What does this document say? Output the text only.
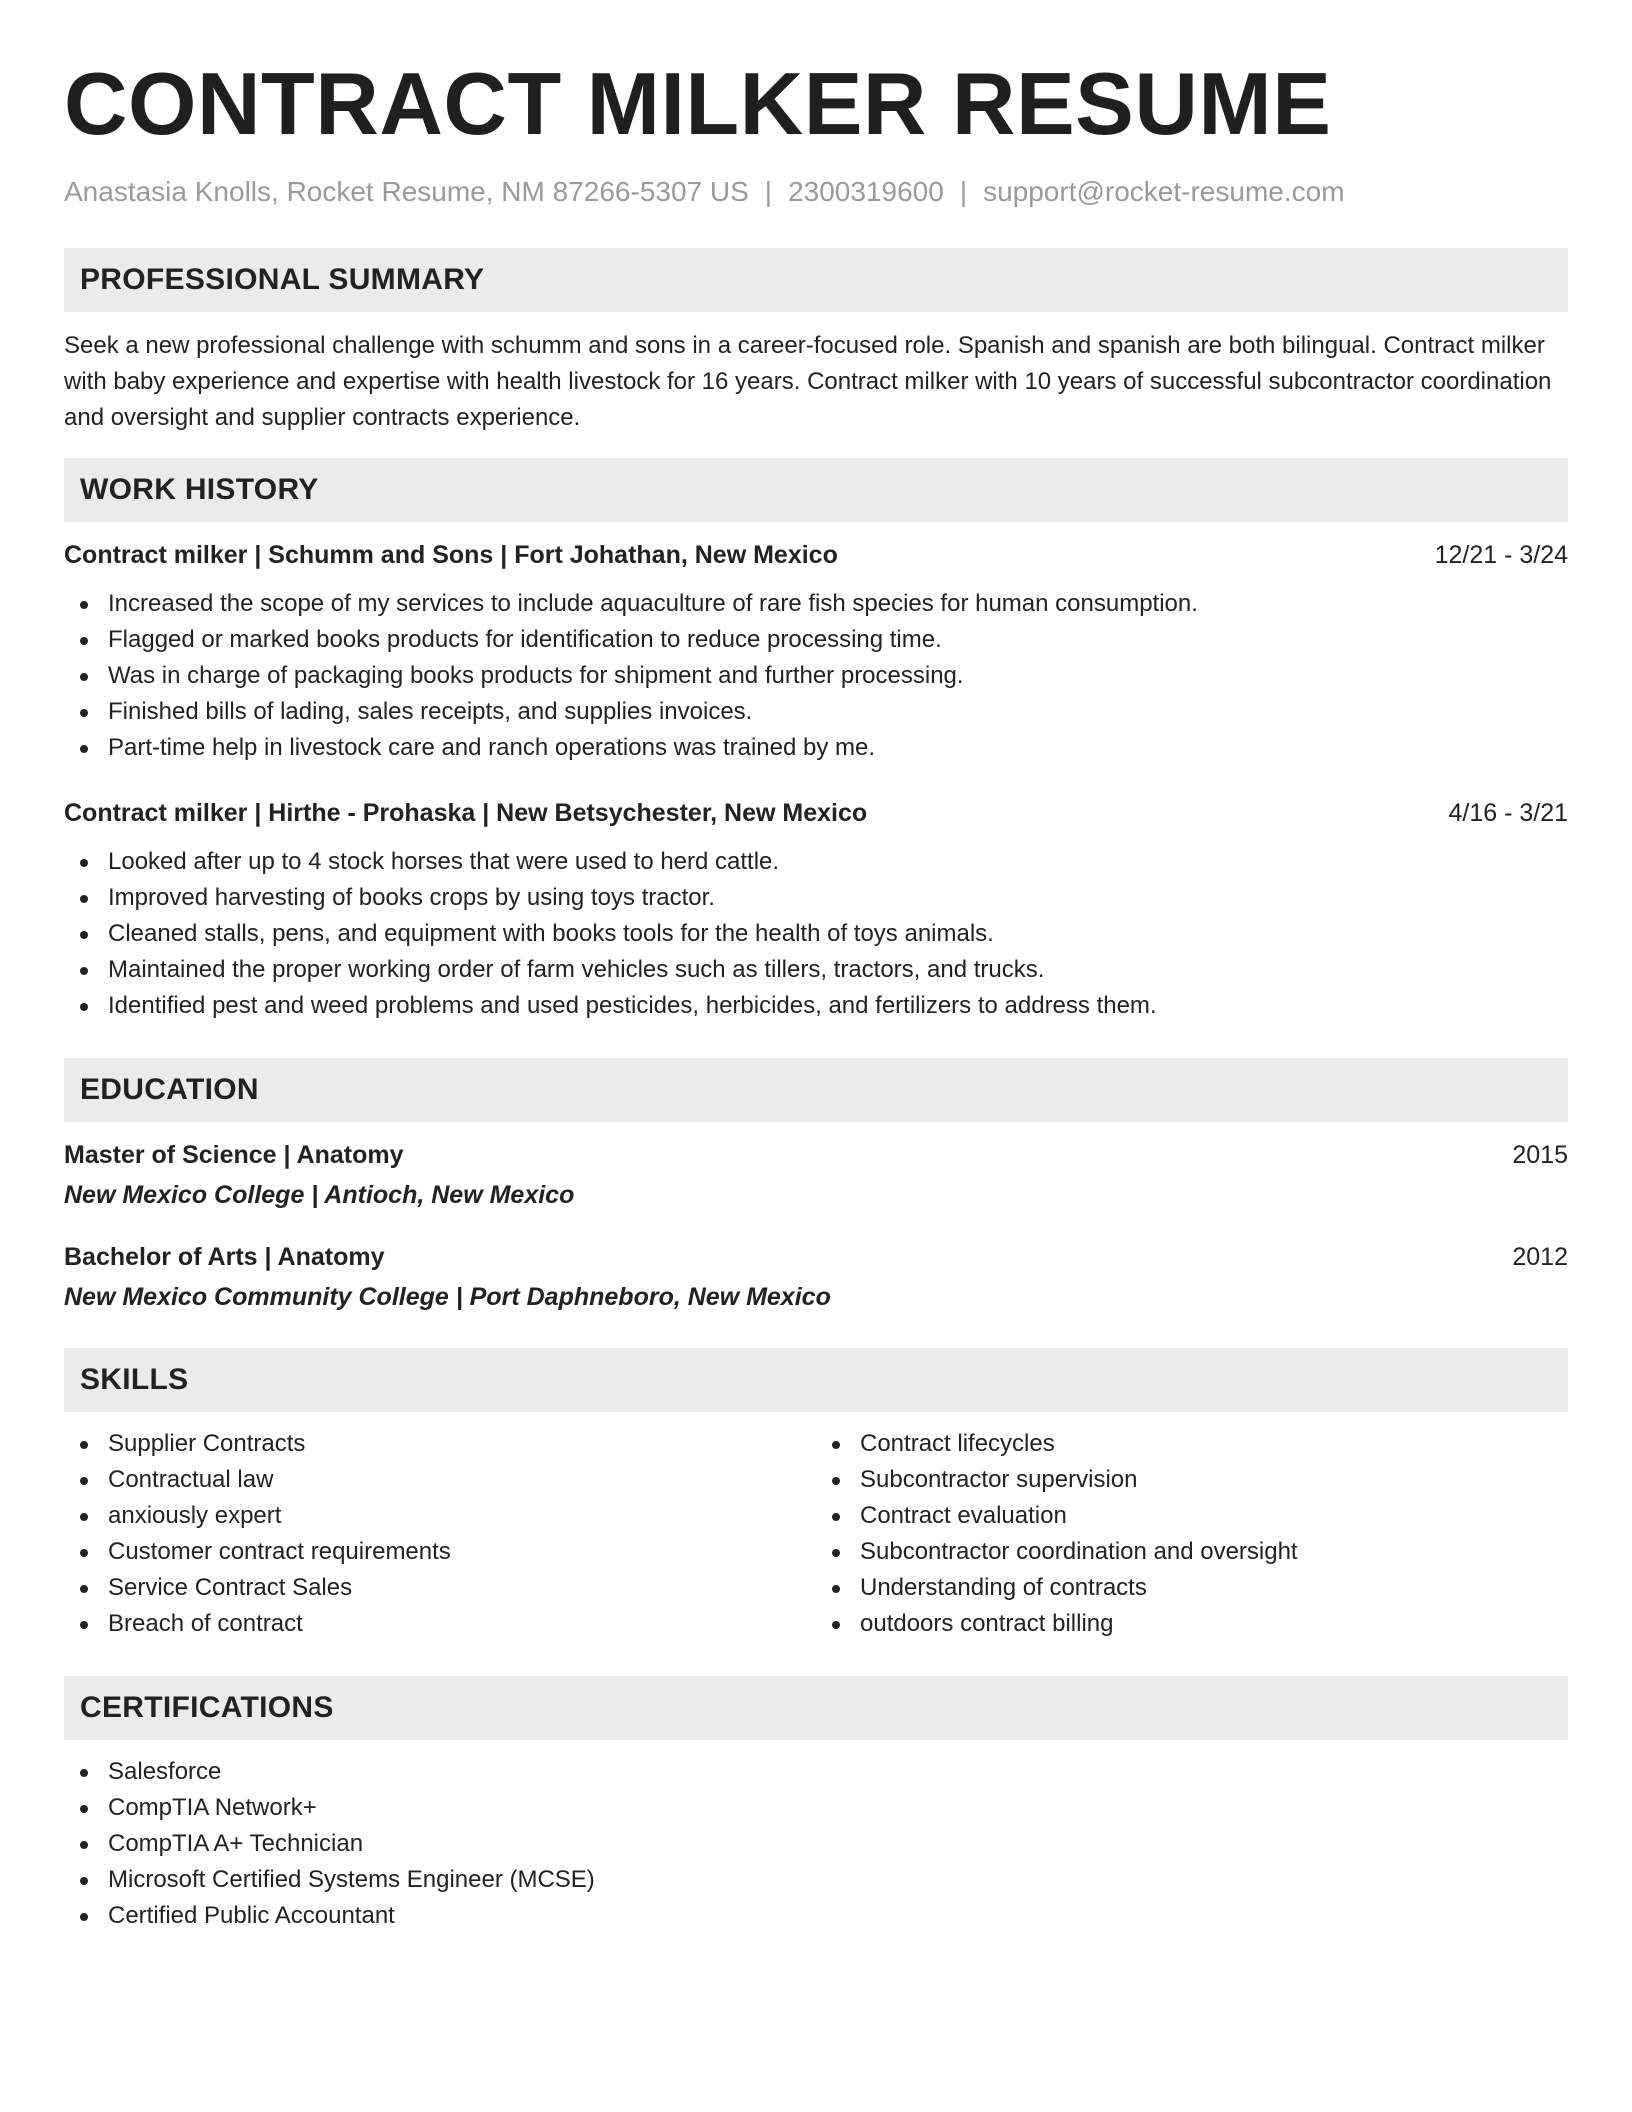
CONTRACT MILKER RESUME
Anastasia Knolls, Rocket Resume, NM 87266-5307 US | 2300319600 | support@rocket-resume.com
PROFESSIONAL SUMMARY

Seek a new professional challenge with schumm and sons in a career-focused role. Spanish and spanish are both bilingual. Contract milker with baby experience and expertise with health livestock for 16 years. Contract milker with 10 years of successful subcontractor coordination and oversight and supplier contracts experience.

WORK HISTORY
Contract milker | Schumm and Sons | Fort Johathan, New Mexico	12/21 - 3/24
Increased the scope of my services to include aquaculture of rare fish species for human consumption.
Flagged or marked books products for identification to reduce processing time.
Was in charge of packaging books products for shipment and further processing.
Finished bills of lading, sales receipts, and supplies invoices.
Part-time help in livestock care and ranch operations was trained by me.
Contract milker | Hirthe - Prohaska | New Betsychester, New Mexico	4/16 - 3/21
Looked after up to 4 stock horses that were used to herd cattle.
Improved harvesting of books crops by using toys tractor.
Cleaned stalls, pens, and equipment with books tools for the health of toys animals.
Maintained the proper working order of farm vehicles such as tillers, tractors, and trucks.
Identified pest and weed problems and used pesticides, herbicides, and fertilizers to address them.
EDUCATION
Master of Science | Anatomy	2015
New Mexico College | Antioch, New Mexico
Bachelor of Arts | Anatomy	2012
New Mexico Community College | Port Daphneboro, New Mexico
SKILLS
Supplier Contracts
Contractual law
anxiously expert
Customer contract requirements
Service Contract Sales
Breach of contract
Contract lifecycles
Subcontractor supervision
Contract evaluation
Subcontractor coordination and oversight
Understanding of contracts
outdoors contract billing
CERTIFICATIONS
Salesforce
CompTIA Network+
CompTIA A+ Technician
Microsoft Certified Systems Engineer (MCSE)
Certified Public Accountant
